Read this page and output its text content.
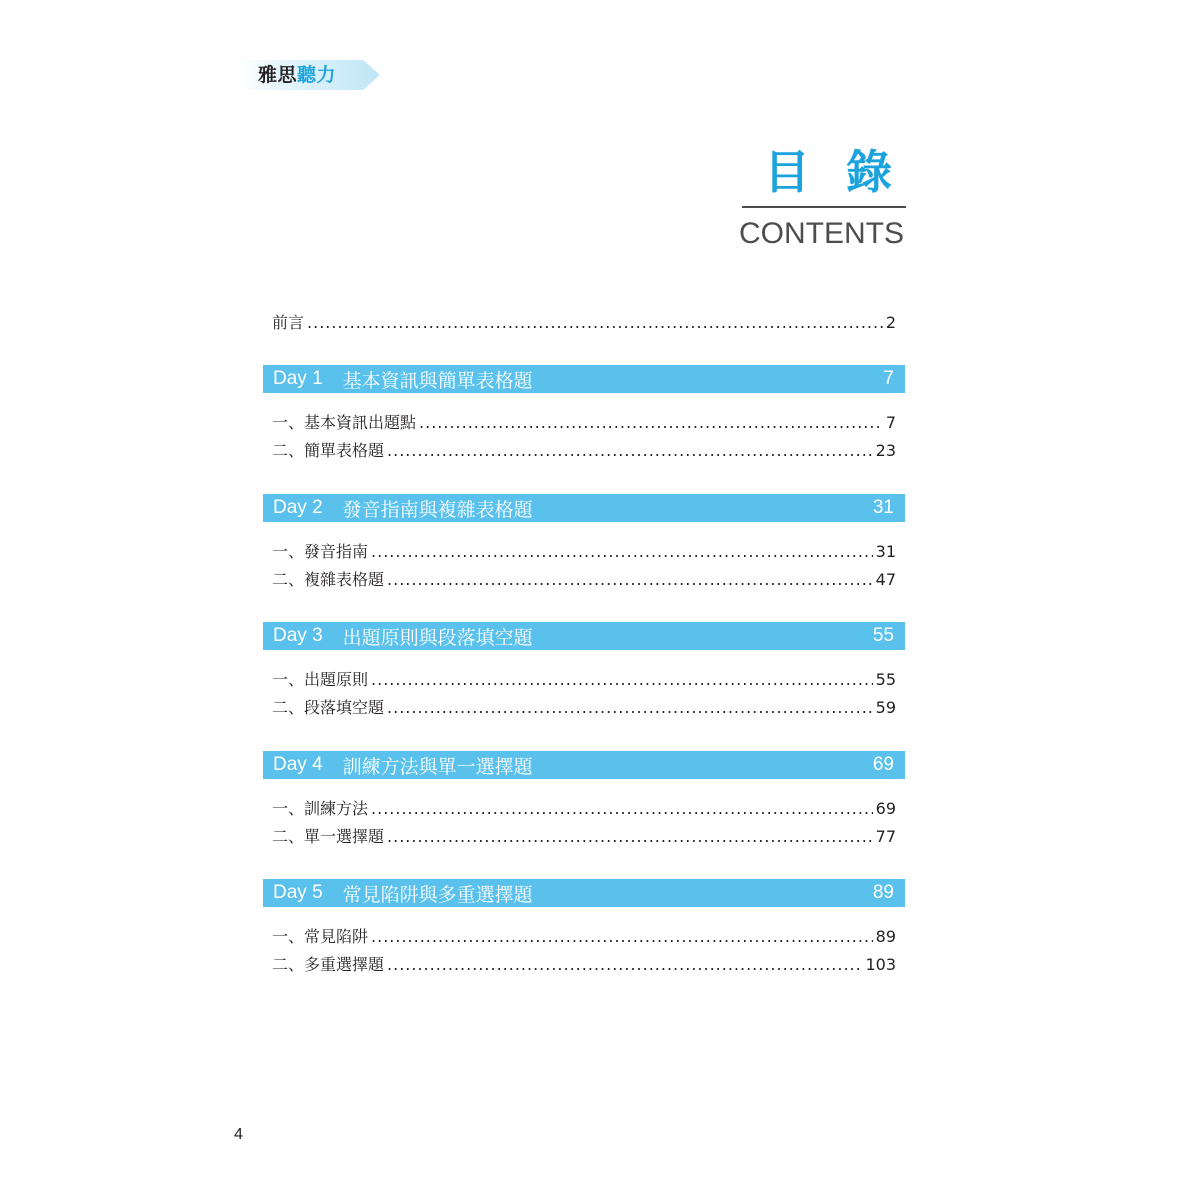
雅思聽力
目錄
CONTENTS
前言 .....	2
Day 1 基本資訊與簡單表格題	7
一、基本資訊出題點 .....	7
二、簡單表格題 .....	23
Day 2 發音指南與複雜表格題	31
一、發音指南 .....	31
二、複雜表格題 .....	47
Day 3 出題原則與段落填空題	55
一、出題原則 .....	55
二、段落填空題 .....	59
Day 4 訓練方法與單一選擇題	69
一、訓練方法 .....	69
二、單一選擇題 .....	77
Day 5 常見陷阱與多重選擇題	89
一、常見陷阱 .....	89
二、多重選擇題 .....	103
4
